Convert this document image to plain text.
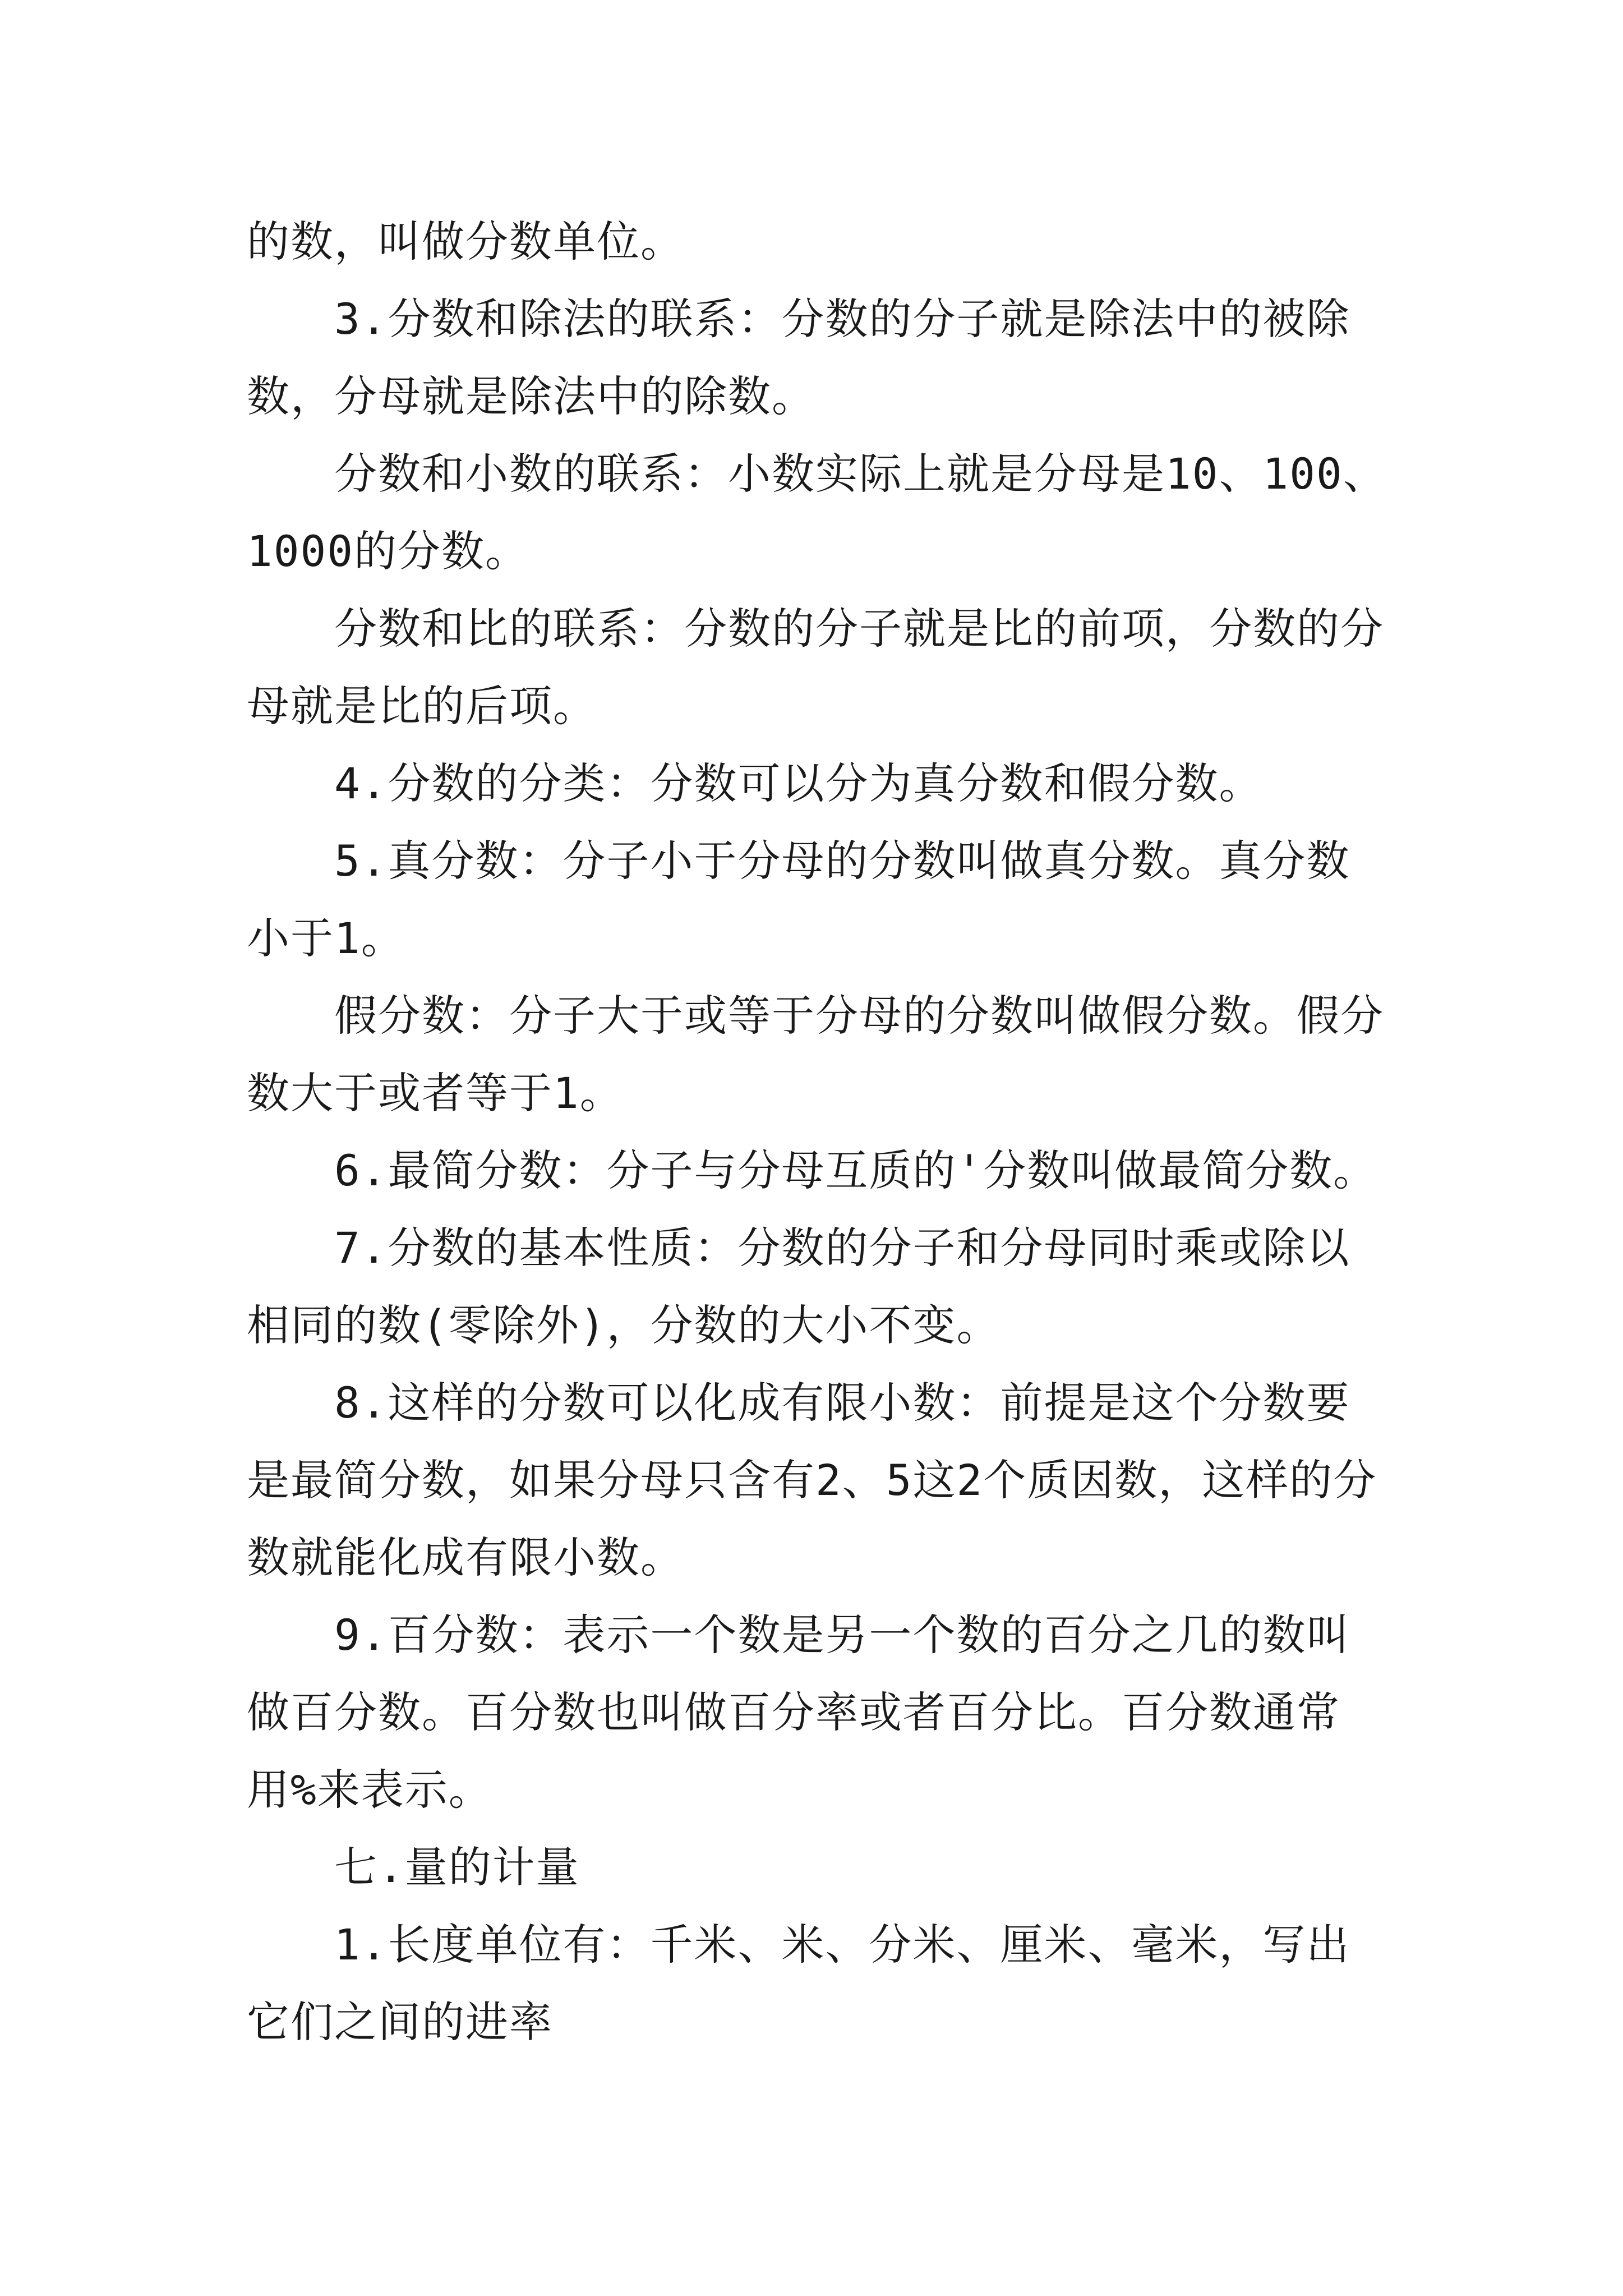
的数，叫做分数单位。

3.分数和除法的联系：分数的分子就是除法中的被除数，分母就是除法中的除数。

分数和小数的联系：小数实际上就是分母是10、100、1000的分数。

分数和比的联系：分数的分子就是比的前项，分数的分母就是比的后项。

4.分数的分类：分数可以分为真分数和假分数。

5.真分数：分子小于分母的分数叫做真分数。真分数小于1。

假分数：分子大于或等于分母的分数叫做假分数。假分数大于或者等于1。

6.最简分数：分子与分母互质的'分数叫做最简分数。

7.分数的基本性质：分数的分子和分母同时乘或除以相同的数(零除外)，分数的大小不变。

8.这样的分数可以化成有限小数：前提是这个分数要是最简分数，如果分母只含有2、5这2个质因数，这样的分数就能化成有限小数。

9.百分数：表示一个数是另一个数的百分之几的数叫做百分数。百分数也叫做百分率或者百分比。百分数通常用%来表示。

七.量的计量

1.长度单位有：千米、米、分米、厘米、毫米，写出它们之间的进率
